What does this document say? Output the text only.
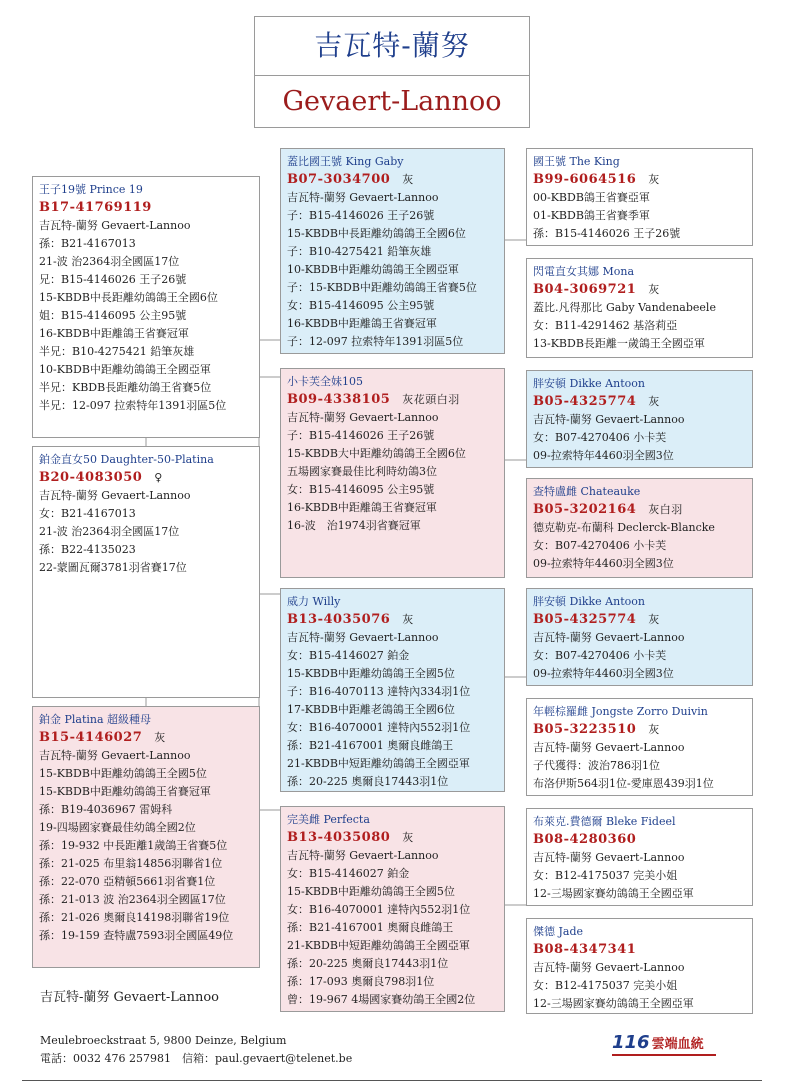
吉瓦特-蘭努
Gevaert-Lannoo
王子19號 Prince 19
B17-41769119
吉瓦特-蘭努 Gevaert-Lannoo
孫：B21-4167013
21-波 治2364羽全國區17位
兄：B15-4146026 王子26號
15-KBDB中長距離幼鴿鴿王全國6位
姐：B15-4146095 公主95號
16-KBDB中距離鴿王省賽冠軍
半兄：B10-4275421 鉛筆灰雄
10-KBDB中距離幼鴿鴿王全國亞軍
半兄：KBDB長距離幼鴿王省賽5位
半兄：12-097 拉索特年1391羽區5位
鉑金直女50 Daughter-50-Platina
B20-4083050 ♀
吉瓦特-蘭努 Gevaert-Lannoo
女：B21-4167013
21-波 治2364羽全國區17位
孫：B22-4135023
22-蒙圖瓦爾3781羽省賽17位
鉑金 Platina 超級種母
B15-4146027 灰
吉瓦特-蘭努 Gevaert-Lannoo
15-KBDB中距離幼鴿鴿王全國5位
15-KBDB中距離幼鴿鴿王省賽冠軍
孫：B19-4036967 雷姆科
19-四場國家賽最佳幼鴿全國2位
孫：19-932 中長距離1歲鴿王省賽5位
孫：21-025 布里翁14856羽聯省1位
孫：22-070 亞精頓5661羽省賽1位
孫：21-013 波 治2364羽全國區17位
孫：21-026 奧爾良14198羽聯省19位
孫：19-159 查特盧7593羽全國區49位
蓋比國王號 King Gaby
B07-3034700 灰
吉瓦特-蘭努 Gevaert-Lannoo
子：B15-4146026 王子26號
15-KBDB中長距離幼鴿鴿王全國6位
子：B10-4275421 鉛筆灰雄
10-KBDB中距離幼鴿鴿王全國亞軍
子：15-KBDB中距離幼鴿鴿王省賽5位
女：B15-4146095 公主95號
16-KBDB中距離鴿王省賽冠軍
子：12-097 拉索特年1391羽區5位
小卡芙全妹105
B09-4338105 灰花頭白羽
吉瓦特-蘭努 Gevaert-Lannoo
子：B15-4146026 王子26號
15-KBDB大中距離幼鴿鴿王全國6位
五場國家賽最佳比利時幼鴿3位
女：B15-4146095 公主95號
16-KBDB中距離鴿王省賽冠軍
16-波　治1974羽省賽冠軍
威力 Willy
B13-4035076 灰
吉瓦特-蘭努 Gevaert-Lannoo
女：B15-4146027 鉑金
15-KBDB中距離幼鴿鴿王全國5位
子：B16-4070113 達特內334羽1位
17-KBDB中距離老鴿鴿王全國6位
女：B16-4070001 達特內552羽1位
孫：B21-4167001 奧爾良雌鴿王
21-KBDB中短距離幼鴿鴿王全國亞軍
孫：20-225 奧爾良17443羽1位
完美雌 Perfecta
B13-4035080 灰
吉瓦特-蘭努 Gevaert-Lannoo
女：B15-4146027 鉑金
15-KBDB中距離幼鴿鴿王全國5位
女：B16-4070001 達特內552羽1位
孫：B21-4167001 奧爾良雌鴿王
21-KBDB中短距離幼鴿鴿王全國亞軍
孫：20-225 奧爾良17443羽1位
孫：17-093 奧爾良798羽1位
曾：19-967 4場國家賽幼鴿王全國2位
國王號 The King
B99-6064516 灰
00-KBDB鴿王省賽亞軍
01-KBDB鴿王省賽季軍
孫：B15-4146026 王子26號
閃電直女其娜 Mona
B04-3069721 灰
蓋比.凡得那比 Gaby Vandenabeele
女：B11-4291462 基洛莉亞
13-KBDB長距離一歲鴿王全國亞軍
胖安頓 Dikke Antoon
B05-4325774 灰
吉瓦特-蘭努 Gevaert-Lannoo
女：B07-4270406 小卡芙
09-拉索特年4460羽全國3位
查特盧雌 Chateauke
B05-3202164 灰白羽
德克勒克-布蘭科 Declerck-Blancke
女：B07-4270406 小卡芙
09-拉索特年4460羽全國3位
胖安頓 Dikke Antoon
B05-4325774 灰
吉瓦特-蘭努 Gevaert-Lannoo
女：B07-4270406 小卡芙
09-拉索特年4460羽全國3位
年輕棕羅雌 Jongste Zorro Duivin
B05-3223510 灰
吉瓦特-蘭努 Gevaert-Lannoo
子代獲得：波治786羽1位
布洛伊斯564羽1位-愛庫恩439羽1位
布萊克.費德爾 Bleke Fideel
B08-4280360
吉瓦特-蘭努 Gevaert-Lannoo
女：B12-4175037 完美小姐
12-三場國家賽幼鴿鴿王全國亞軍
傑德 Jade
B08-4347341
吉瓦特-蘭努 Gevaert-Lannoo
女：B12-4175037 完美小姐
12-三場國家賽幼鴿鴿王全國亞軍
吉瓦特-蘭努 Gevaert-Lannoo
Meulebroeckstraat 5, 9800 Deinze, Belgium
電話：0032 476 257981　信箱：paul.gevaert@telenet.be
116 雲端血統
